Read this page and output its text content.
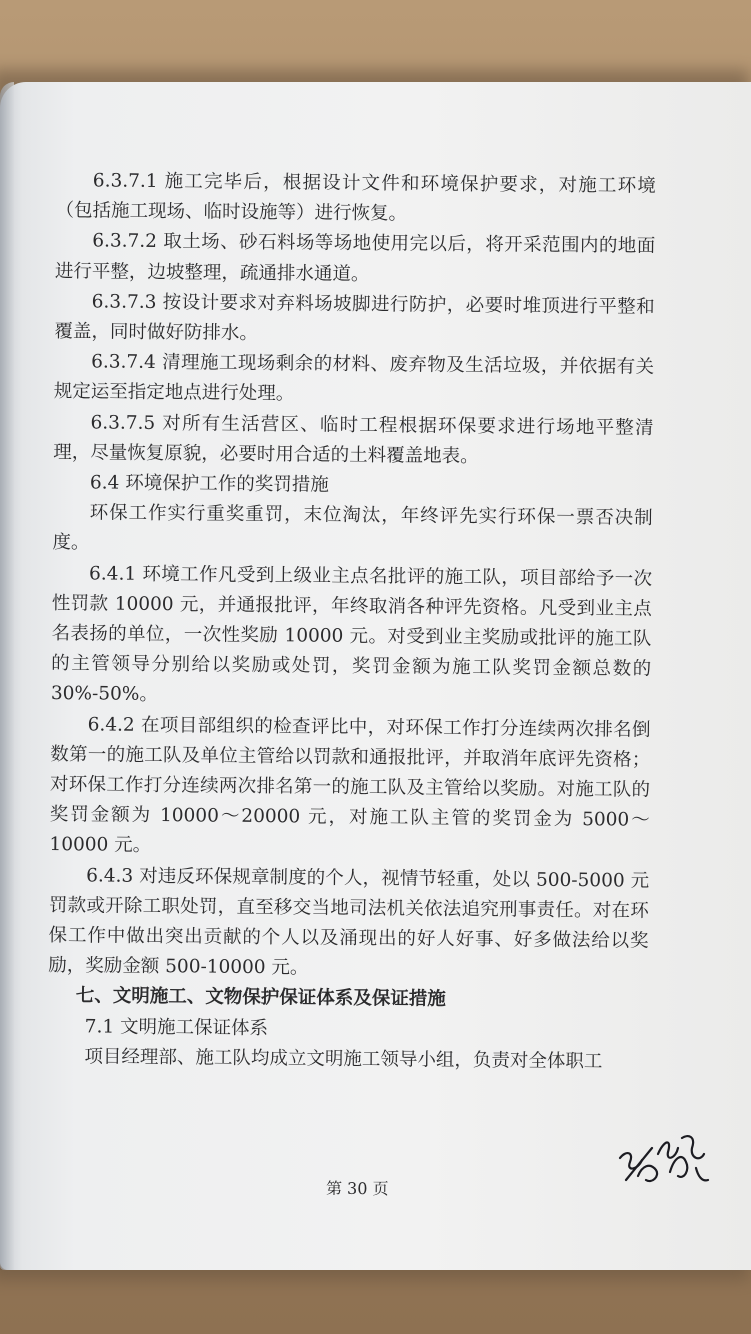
6.3.7.1 施工完毕后，根据设计文件和环境保护要求，对施工环境（包括施工现场、临时设施等）进行恢复。

6.3.7.2 取土场、砂石料场等场地使用完以后，将开采范围内的地面进行平整，边坡整理，疏通排水通道。

6.3.7.3 按设计要求对弃料场坡脚进行防护，必要时堆顶进行平整和覆盖，同时做好防排水。

6.3.7.4 清理施工现场剩余的材料、废弃物及生活垃圾，并依据有关规定运至指定地点进行处理。

6.3.7.5 对所有生活营区、临时工程根据环保要求进行场地平整清理，尽量恢复原貌，必要时用合适的土料覆盖地表。

6.4 环境保护工作的奖罚措施

环保工作实行重奖重罚，末位淘汰，年终评先实行环保一票否决制度。

6.4.1 环境工作凡受到上级业主点名批评的施工队，项目部给予一次性罚款 10000 元，并通报批评，年终取消各种评先资格。凡受到业主点名表扬的单位，一次性奖励 10000 元。对受到业主奖励或批评的施工队的主管领导分别给以奖励或处罚，奖罚金额为施工队奖罚金额总数的 30%-50%。

6.4.2 在项目部组织的检查评比中，对环保工作打分连续两次排名倒数第一的施工队及单位主管给以罚款和通报批评，并取消年底评先资格；对环保工作打分连续两次排名第一的施工队及主管给以奖励。对施工队的奖罚金额为 10000～20000 元，对施工队主管的奖罚金为 5000～10000 元。

6.4.3 对违反环保规章制度的个人，视情节轻重，处以 500-5000 元罚款或开除工职处罚，直至移交当地司法机关依法追究刑事责任。对在环保工作中做出突出贡献的个人以及涌现出的好人好事、好多做法给以奖励，奖励金额 500-10000 元。

七、文明施工、文物保护保证体系及保证措施

7.1 文明施工保证体系

项目经理部、施工队均成立文明施工领导小组，负责对全体职工

第 30 页
